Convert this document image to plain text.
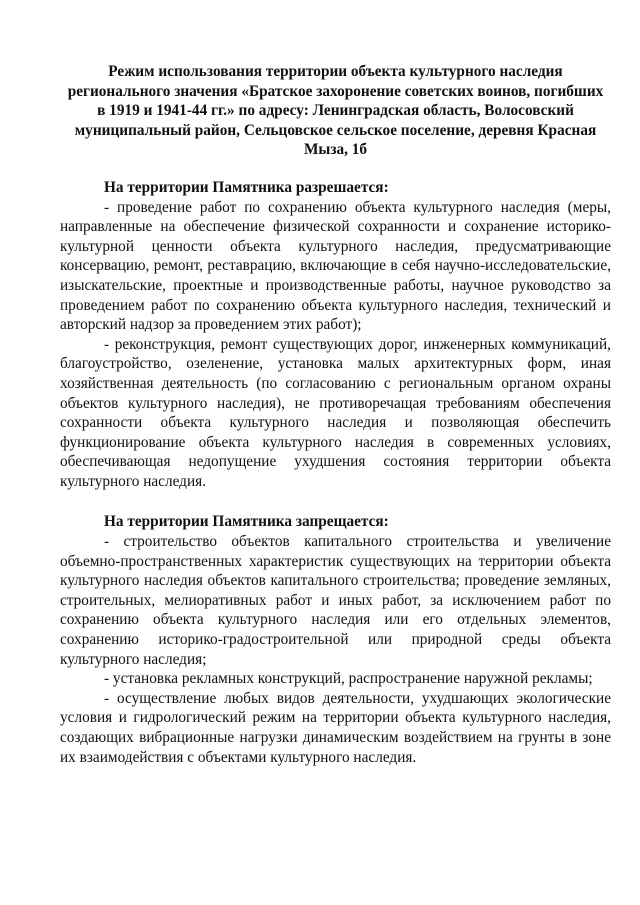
Режим использования территории объекта культурного наследия
регионального значения «Братское захоронение советских воинов, погибших
в 1919 и 1941-44 гг.» по адресу: Ленинградская область, Волосовский
муниципальный район, Сельцовское сельское поселение, деревня Красная
Мыза, 1б

На территории Памятника разрешается:

- проведение работ по сохранению объекта культурного наследия (меры, направленные на обеспечение физической сохранности и сохранение историко-культурной ценности объекта культурного наследия, предусматривающие консервацию, ремонт, реставрацию, включающие в себя научно-исследовательские, изыскательские, проектные и производственные работы, научное руководство за проведением работ по сохранению объекта культурного наследия, технический и авторский надзор за проведением этих работ);

- реконструкция, ремонт существующих дорог, инженерных коммуникаций, благоустройство, озеленение, установка малых архитектурных форм, иная хозяйственная деятельность (по согласованию с региональным органом охраны объектов культурного наследия), не противоречащая требованиям обеспечения сохранности объекта культурного наследия и позволяющая обеспечить функционирование объекта культурного наследия в современных условиях, обеспечивающая недопущение ухудшения состояния территории объекта культурного наследия.

На территории Памятника запрещается:

- строительство объектов капитального строительства и увеличение объемно-пространственных характеристик существующих на территории объекта культурного наследия объектов капитального строительства; проведение земляных, строительных, мелиоративных работ и иных работ, за исключением работ по сохранению объекта культурного наследия или его отдельных элементов, сохранению историко-градостроительной или природной среды объекта культурного наследия;

- установка рекламных конструкций, распространение наружной рекламы;

- осуществление любых видов деятельности, ухудшающих экологические условия и гидрологический режим на территории объекта культурного наследия, создающих вибрационные нагрузки динамическим воздействием на грунты в зоне их взаимодействия с объектами культурного наследия.
